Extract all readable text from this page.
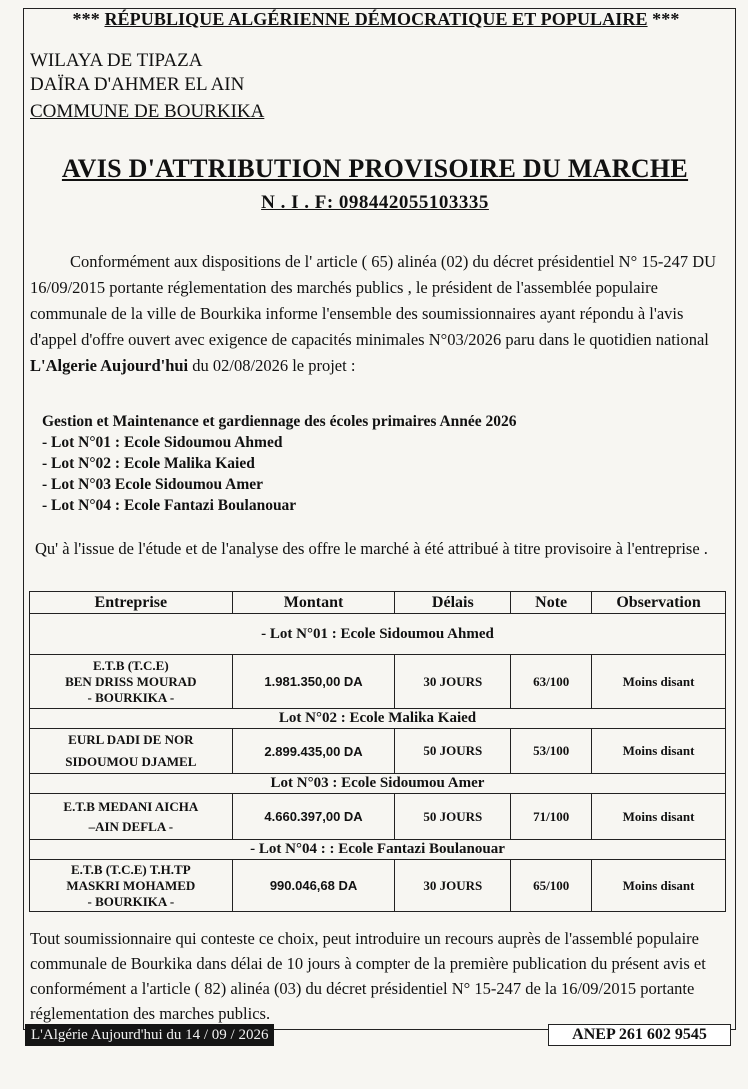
*** RÉPUBLIQUE ALGÉRIENNE DÉMOCRATIQUE ET POPULAIRE ***
WILAYA DE TIPAZA
DAÏRA D'AHMER EL AIN
COMMUNE DE BOURKIKA
AVIS D'ATTRIBUTION PROVISOIRE DU MARCHE
N . I . F: 098442055103335
Conformément aux dispositions de l' article ( 65) alinéa (02) du décret présidentiel N° 15-247 DU 16/09/2015 portante réglementation des marchés publics , le président de l'assemblée populaire communale de la ville de Bourkika informe l'ensemble des soumissionnaires ayant répondu à l'avis d'appel d'offre ouvert avec exigence de capacités minimales N°03/2026 paru dans le quotidien national L'Algerie Aujourd'hui du 02/08/2026 le projet :
Gestion et Maintenance et gardiennage des écoles primaires Année 2026
- Lot N°01 : Ecole Sidoumou Ahmed
- Lot N°02 : Ecole Malika Kaied
- Lot N°03 Ecole Sidoumou Amer
- Lot N°04 : Ecole Fantazi Boulanouar
Qu' à l'issue de l'étude et de l'analyse des offre le marché à été attribué à titre provisoire à l'entreprise .
Entreprise	Montant	Délais	Note	Observation
- Lot N°01 : Ecole Sidoumou Ahmed				

E.T.B (T.C.E)
BEN DRISS MOURAD
- BOURKIKA -	1.981.350,00 DA	30 JOURS	63/100	Moins disant
Lot N°02 : Ecole Malika Kaied				

EURL DADI DE NOR
SIDOUMOU DJAMEL	2.899.435,00 DA	50 JOURS	53/100	Moins disant
Lot N°03 : Ecole Sidoumou Amer				

E.T.B MEDANI AICHA
–AIN DEFLA -	4.660.397,00 DA	50 JOURS	71/100	Moins disant
- Lot N°04 : : Ecole Fantazi Boulanouar				

E.T.B (T.C.E) T.H.TP
MASKRI MOHAMED
- BOURKIKA -	990.046,68 DA	30 JOURS	65/100	Moins disant
Tout soumissionnaire qui conteste ce choix, peut introduire un recours auprès de l'assemblé populaire communale de Bourkika dans délai de 10 jours à compter de la première publication du présent avis et conformément a l'article ( 82) alinéa (03) du décret présidentiel N° 15-247 de la 16/09/2015 portante réglementation des marches publics.
L'Algérie Aujourd'hui du 14 / 09 / 2026	ANEP 261 602 9545
